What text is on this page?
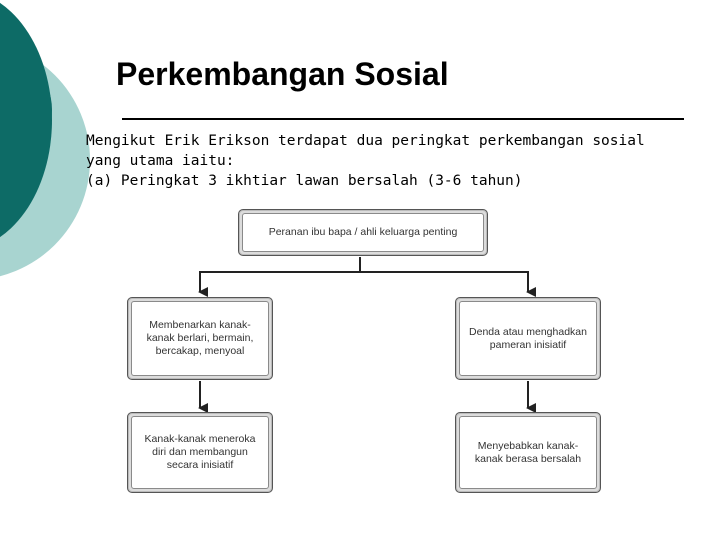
Perkembangan Sosial
Mengikut Erik Erikson terdapat dua peringkat perkembangan sosial
yang utama iaitu:
(a) Peringkat 3 ikhtiar lawan bersalah (3-6 tahun)
Peranan ibu bapa / ahli keluarga penting
Membenarkan kanak-kanak berlari, bermain, bercakap, menyoal
Denda atau menghadkan pameran inisiatif
Kanak-kanak meneroka diri dan membangun secara inisiatif
Menyebabkan kanak-kanak berasa bersalah
